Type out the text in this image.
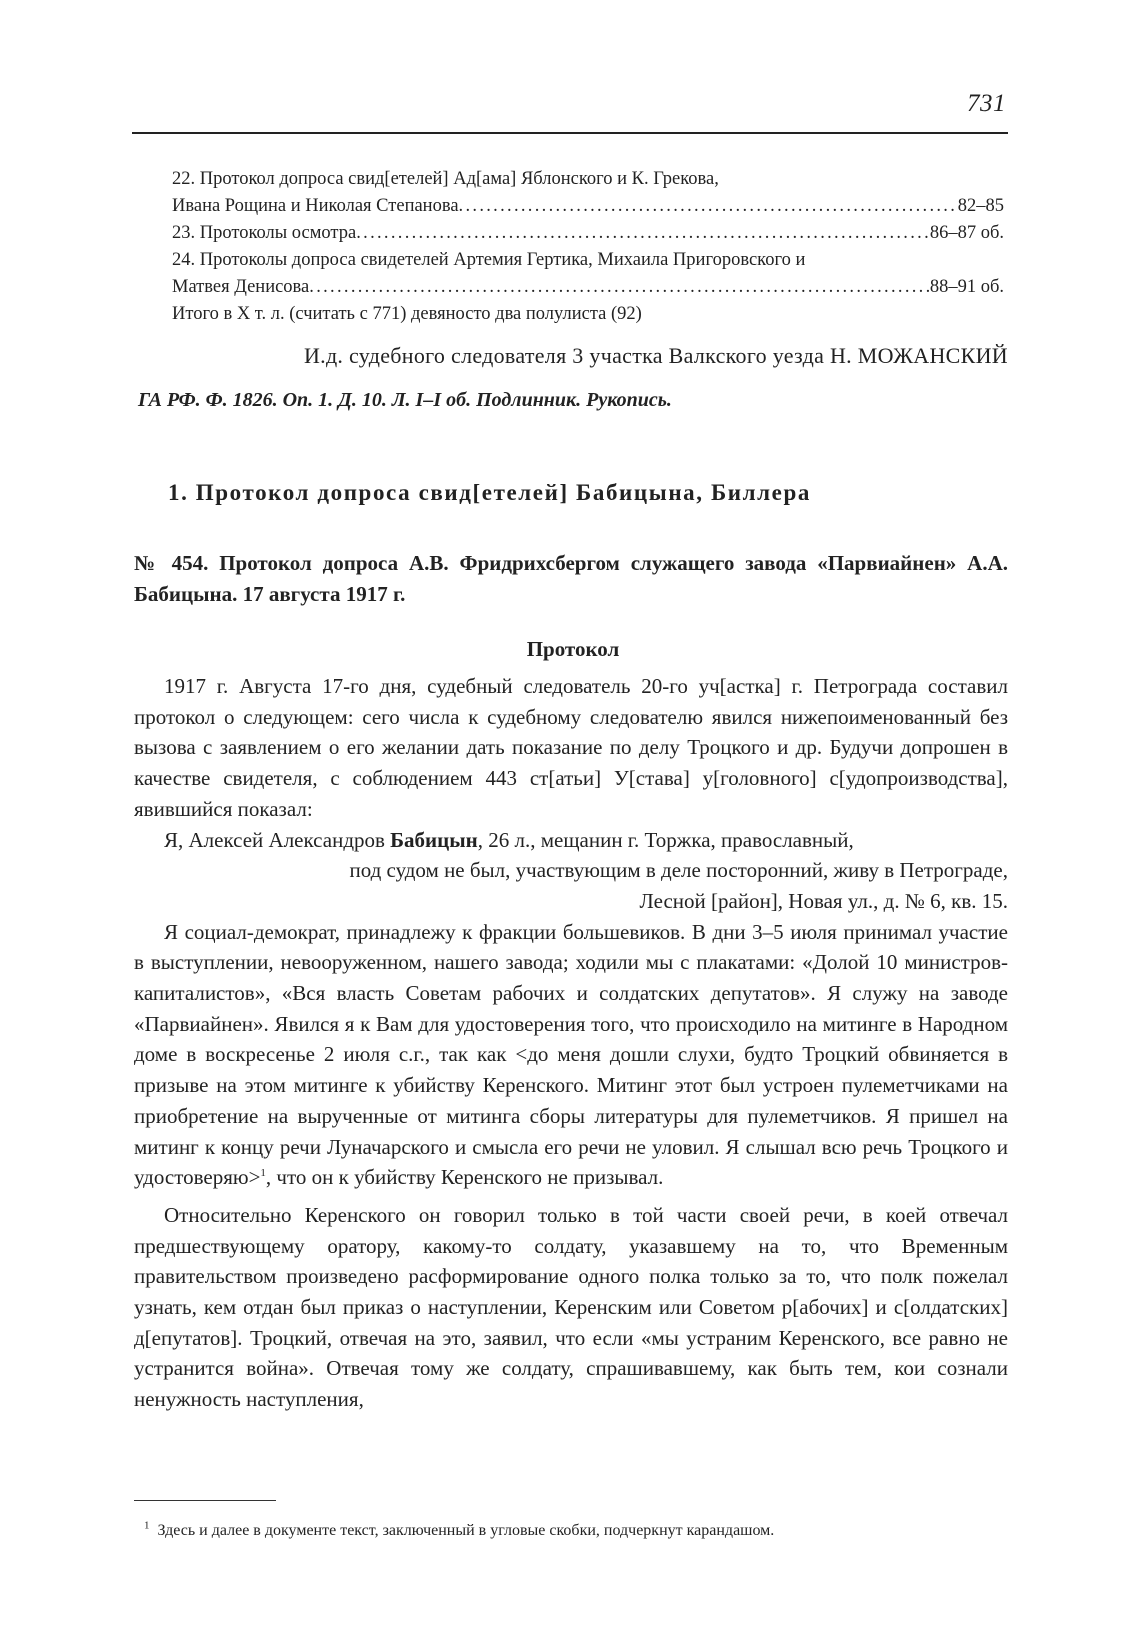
731
22. Протокол допроса свид[етелей] Ад[ама] Яблонского и К. Грекова,
Ивана Рощина и Николая Степанова .....	82–85
23. Протоколы осмотра .....	86–87 об.
24. Протоколы допроса свидетелей Артемия Гертика, Михаила Пригоровского и
Матвея Денисова .....	88–91 об.
Итого в X т. л. (считать с 771) девяносто два полулиста (92)
И.д. судебного следователя 3 участка Валкского уезда Н. МОЖАНСКИЙ
ГА РФ. Ф. 1826. Оп. 1. Д. 10. Л. I–I об. Подлинник. Рукопись.
1. Протокол допроса свид[етелей] Бабицына, Биллера
№ 454. Протокол допроса А.В. Фридрихсбергом служащего завода «Парвиайнен» А.А. Бабицына. 17 августа 1917 г.
Протокол

1917 г. Августа 17-го дня, судебный следователь 20-го уч[астка] г. Петрограда составил протокол о следующем: сего числа к судебному следователю явился нижепоименованный без вызова с заявлением о его желании дать показание по делу Троцкого и др. Будучи допрошен в качестве свидетеля, с соблюдением 443 ст[атьи] У[става] у[головного] с[удопроизводства], явившийся показал:

Я, Алексей Александров Бабицын, 26 л., мещанин г. Торжка, православный,

под судом не был, участвующим в деле посторонний, живу в Петрограде,

Лесной [район], Новая ул., д. № 6, кв. 15.

Я социал-демократ, принадлежу к фракции большевиков. В дни 3–5 июля принимал участие в выступлении, невооруженном, нашего завода; ходили мы с плакатами: «Долой 10 министров-капиталистов», «Вся власть Советам рабочих и солдатских депутатов». Я служу на заводе «Парвиайнен». Явился я к Вам для удостоверения того, что происходило на митинге в Народном доме в воскресенье 2 июля с.г., так как <до меня дошли слухи, будто Троцкий обвиняется в призыве на этом митинге к убийству Керенского. Митинг этот был устроен пулеметчиками на приобретение на вырученные от митинга сборы литературы для пулеметчиков. Я пришел на митинг к концу речи Луначарского и смысла его речи не уловил. Я слышал всю речь Троцкого и удостоверяю>$^1$, что он к убийству Керенского не призывал.

Относительно Керенского он говорил только в той части своей речи, в коей отвечал предшествующему оратору, какому-то солдату, указавшему на то, что Временным правительством произведено расформирование одного полка только за то, что полк пожелал узнать, кем отдан был приказ о наступлении, Керенским или Советом р[абочих] и с[олдатских] д[епутатов]. Троцкий, отвечая на это, заявил, что если «мы устраним Керенского, все равно не устранится война». Отвечая тому же солдату, спрашивавшему, как быть тем, кои сознали ненужность наступления,

$^1$ Здесь и далее в документе текст, заключенный в угловые скобки, подчеркнут карандашом.
